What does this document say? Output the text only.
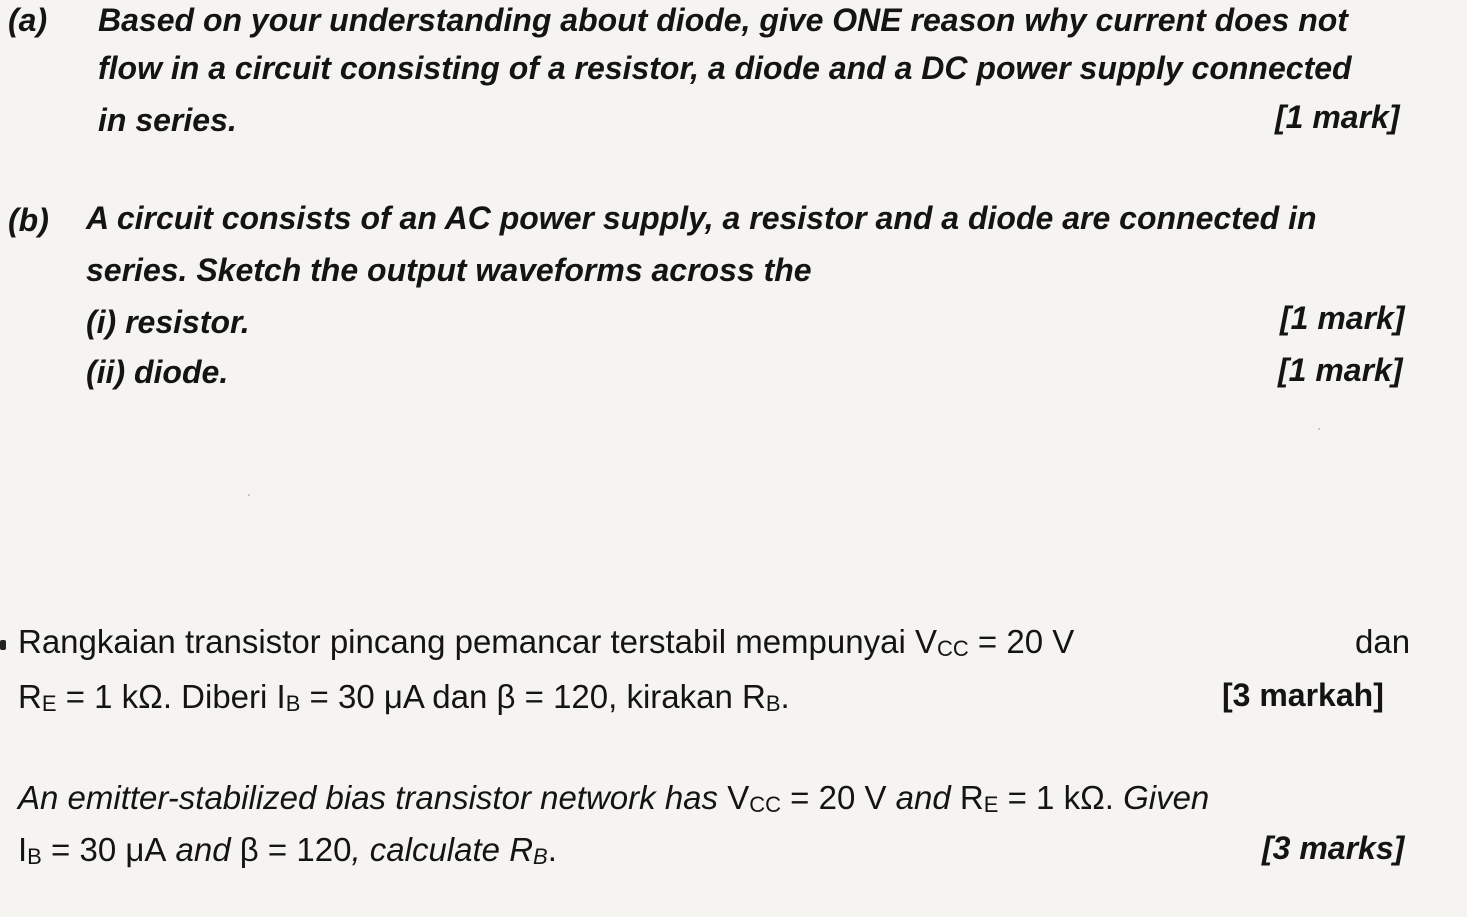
(a) Based on your understanding about diode, give ONE reason why current does not
flow in a circuit consisting of a resistor, a diode and a DC power supply connected
in series.	[1 mark]
(b) A circuit consists of an AC power supply, a resistor and a diode are connected in
series. Sketch the output waveforms across the
(i) resistor.	[1 mark]
(ii) diode.	[1 mark]
Rangkaian transistor pincang pemancar terstabil mempunyai VCC = 20 V	dan
RE = 1 kΩ. Diberi IB = 30 μA dan β = 120, kirakan RB.	[3 markah]
An emitter-stabilized bias transistor network has VCC = 20 V and RE = 1 kΩ. Given
IB = 30 μA and β = 120, calculate RB.	[3 marks]
